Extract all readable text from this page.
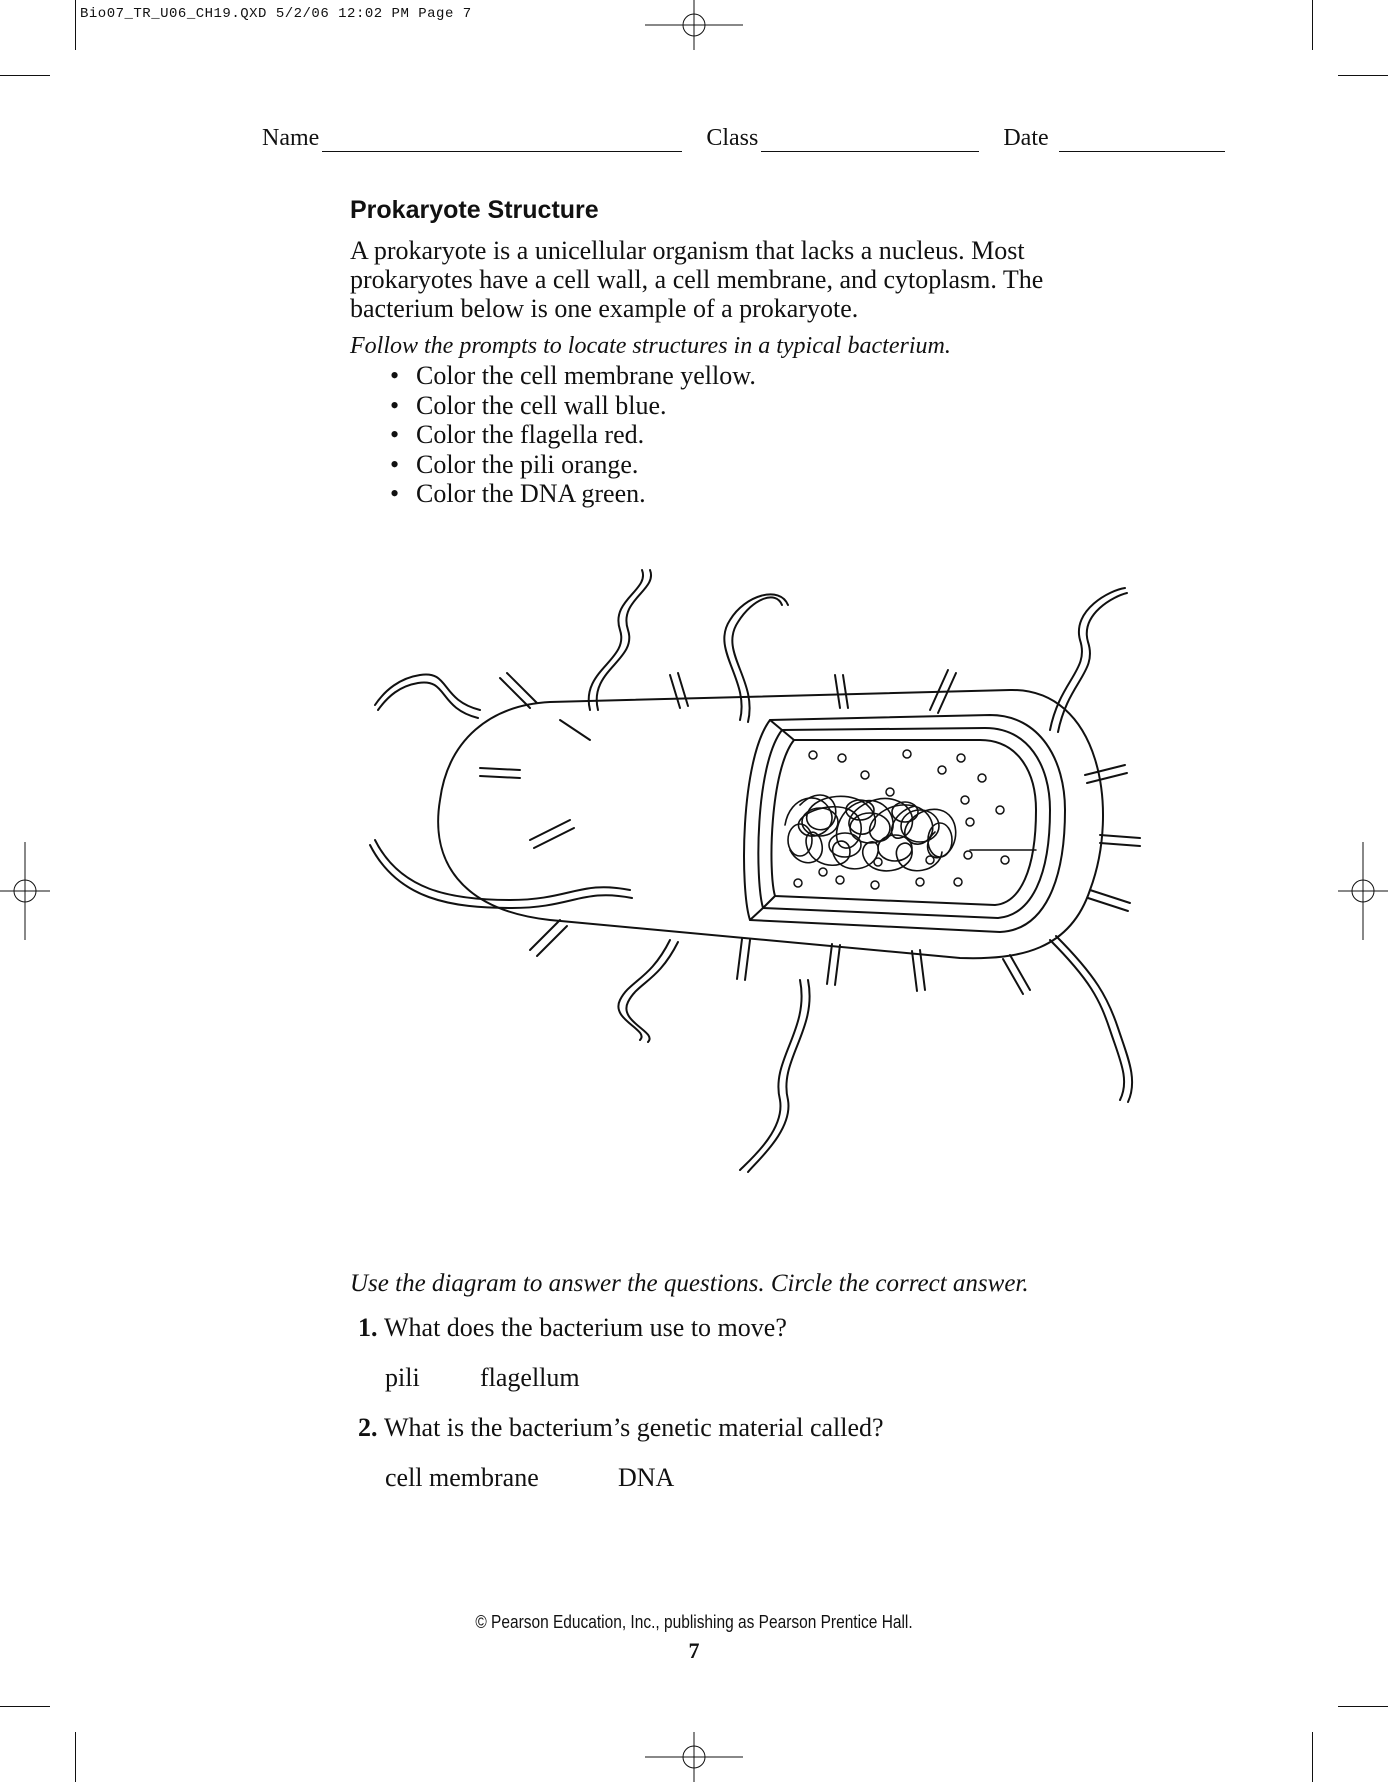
Bio07_TR_U06_CH19.QXD 5/2/06 12:02 PM Page 7
Name	Class	Date
Prokaryote Structure
A prokaryote is a unicellular organism that lacks a nucleus. Most
prokaryotes have a cell wall, a cell membrane, and cytoplasm. The
bacterium below is one example of a prokaryote.
Follow the prompts to locate structures in a typical bacterium.
• Color the cell membrane yellow.
• Color the cell wall blue.
• Color the flagella red.
• Color the pili orange.
• Color the DNA green.
Use the diagram to answer the questions. Circle the correct answer.
1. What does the bacterium use to move?
pili flagellum
2. What is the bacterium’s genetic material called?
cell membrane	DNA
© Pearson Education, Inc., publishing as Pearson Prentice Hall.
7
